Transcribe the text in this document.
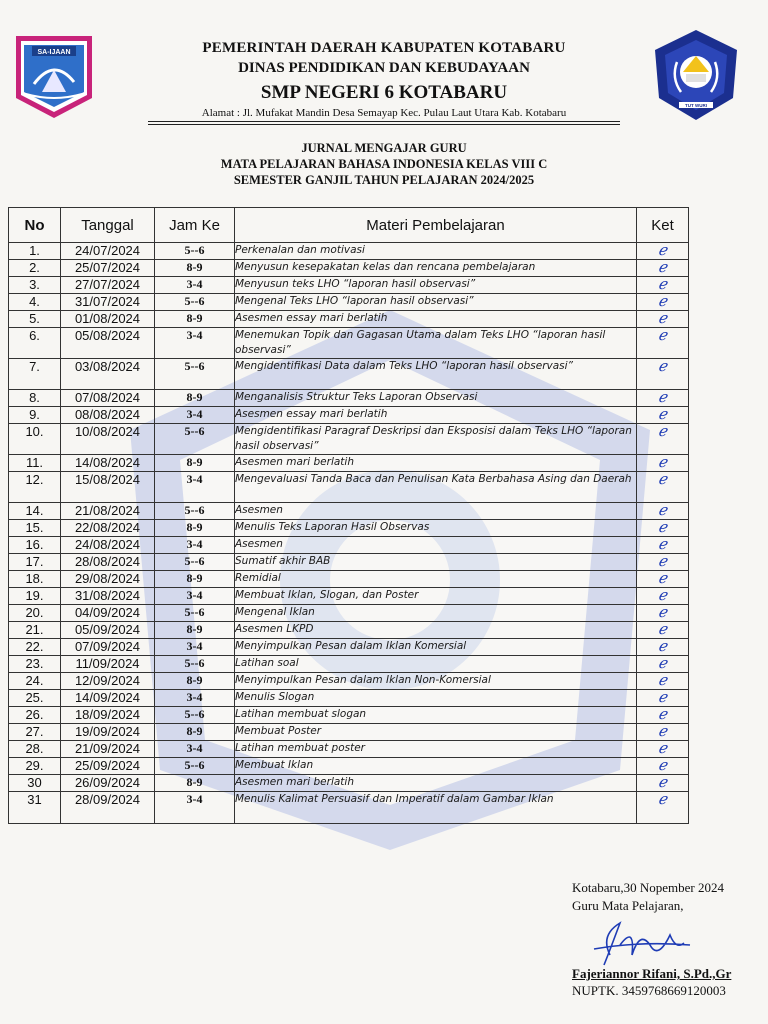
SA-IJAAN
TUT WURI
PEMERINTAH DAERAH KABUPATEN KOTABARU
DINAS PENDIDIKAN DAN KEBUDAYAAN
SMP NEGERI 6 KOTABARU
Alamat : Jl. Mufakat Mandin Desa Semayap Kec. Pulau Laut Utara Kab. Kotabaru
JURNAL MENGAJAR GURU
MATA PELAJARAN BAHASA INDONESIA KELAS VIII C
SEMESTER GANJIL TAHUN PELAJARAN 2024/2025
No	Tanggal	Jam Ke	Materi Pembelajaran	Ket
1.	24/07/2024	5--6	Perkenalan dan motivasi	ℯ
2.	25/07/2024	8-9	Menyusun kesepakatan kelas dan rencana pembelajaran	ℯ
3.	27/07/2024	3-4	Menyusun teks LHO “laporan hasil observasi”	ℯ
4.	31/07/2024	5--6	Mengenal Teks LHO “laporan hasil observasi”	ℯ
5.	01/08/2024	8-9	Asesmen essay mari berlatih	ℯ
6.	05/08/2024	3-4	Menemukan Topik dan Gagasan Utama dalam Teks LHO “laporan hasil observasi”	ℯ
7.	03/08/2024	5--6	Mengidentifikasi Data dalam Teks LHO “laporan hasil observasi”	ℯ
8.	07/08/2024	8-9	Menganalisis Struktur Teks Laporan Observasi	ℯ
9.	08/08/2024	3-4	Asesmen essay mari berlatih	ℯ
10.	10/08/2024	5--6	Mengidentifikasi Paragraf Deskripsi dan Eksposisi dalam Teks LHO “laporan hasil observasi”	ℯ
11.	14/08/2024	8-9	Asesmen mari berlatih	ℯ
12.	15/08/2024	3-4	Mengevaluasi Tanda Baca dan Penulisan Kata Berbahasa Asing dan Daerah	ℯ
14.	21/08/2024	5--6	Asesmen	ℯ
15.	22/08/2024	8-9	Menulis Teks Laporan Hasil Observas	ℯ
16.	24/08/2024	3-4	Asesmen	ℯ
17.	28/08/2024	5--6	Sumatif akhir BAB	ℯ
18.	29/08/2024	8-9	Remidial	ℯ
19.	31/08/2024	3-4	Membuat Iklan, Slogan, dan Poster	ℯ
20.	04/09/2024	5--6	Mengenal Iklan	ℯ
21.	05/09/2024	8-9	Asesmen LKPD	ℯ
22.	07/09/2024	3-4	Menyimpulkan Pesan dalam Iklan Komersial	ℯ
23.	11/09/2024	5--6	Latihan soal	ℯ
24.	12/09/2024	8-9	Menyimpulkan Pesan dalam Iklan Non-Komersial	ℯ
25.	14/09/2024	3-4	Menulis Slogan	ℯ
26.	18/09/2024	5--6	Latihan membuat slogan	ℯ
27.	19/09/2024	8-9	Membuat Poster	ℯ
28.	21/09/2024	3-4	Latihan membuat poster	ℯ
29.	25/09/2024	5--6	Membuat Iklan	ℯ
30	26/09/2024	8-9	Asesmen mari berlatih	ℯ
31	28/09/2024	3-4	Menulis Kalimat Persuasif dan Imperatif dalam Gambar Iklan	ℯ
Kotabaru,30 Nopember 2024
Guru Mata Pelajaran,
Fajeriannor Rifani, S.Pd.,Gr
NUPTK. 3459768669120003
